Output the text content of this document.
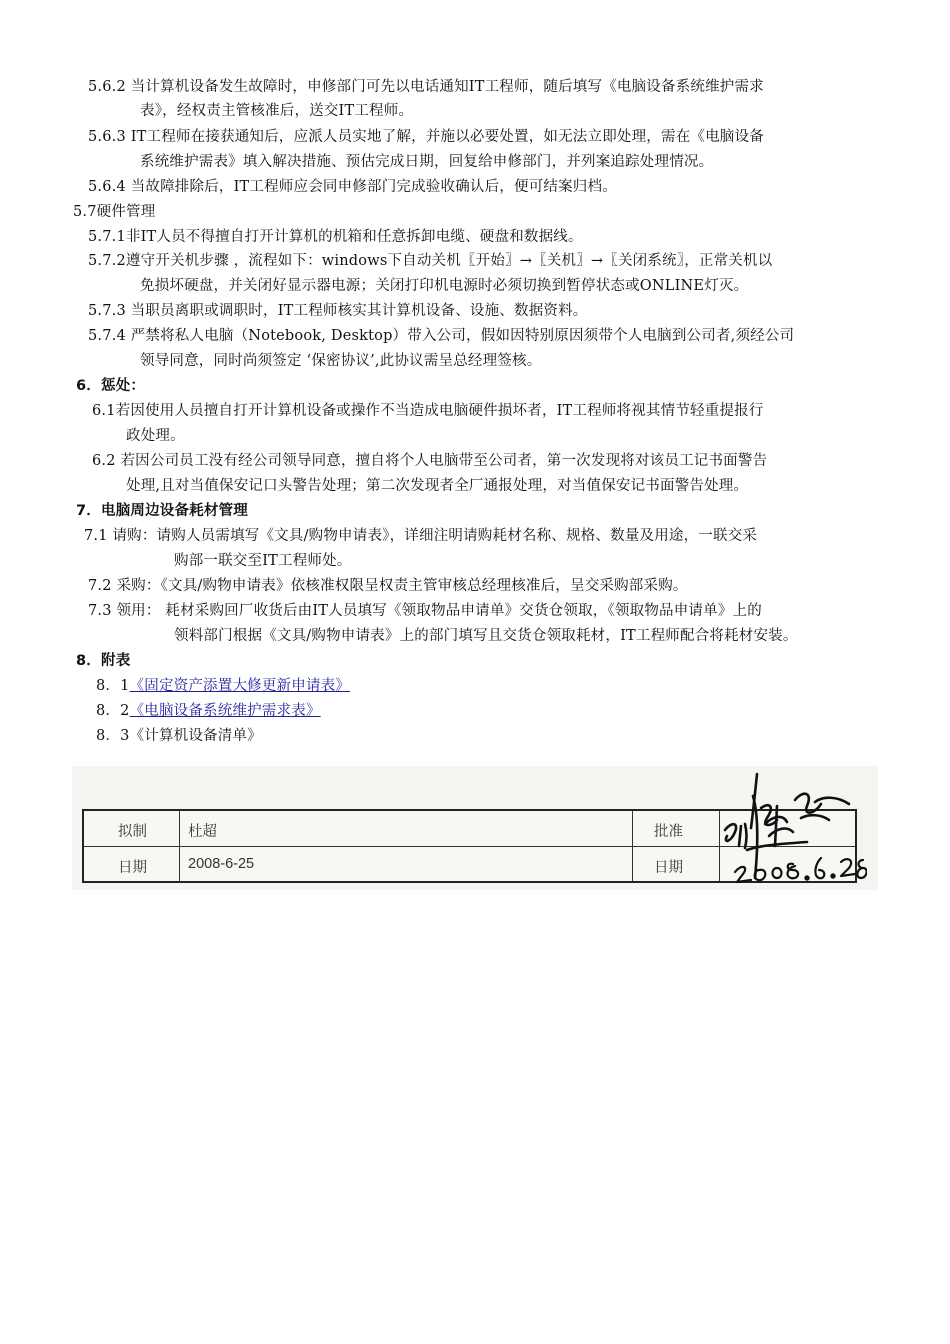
5.6.2 当计算机设备发生故障时，申修部门可先以电话通知IT工程师，随后填写《电脑设备系统维护需求
表》，经权责主管核准后，送交IT工程师。
5.6.3 IT工程师在接获通知后，应派人员实地了解，并施以必要处置，如无法立即处理，需在《电脑设备
系统维护需表》填入解决措施、预估完成日期，回复给申修部门，并列案追踪处理情况。
5.6.4 当故障排除后，IT工程师应会同申修部门完成验收确认后，便可结案归档。
5.7硬件管理
5.7.1非IT人员不得擅自打开计算机的机箱和任意拆卸电缆、硬盘和数据线。
5.7.2遵守开关机步骤 ，流程如下：windows下自动关机〖开始〗→〖关机〗→〖关闭系统〗，正常关机以
免损坏硬盘，并关闭好显示器电源；关闭打印机电源时必须切换到暂停状态或ONLINE灯灭。
5.7.3 当职员离职或调职时，IT工程师核实其计算机设备、设施、数据资料。
5.7.4 严禁将私人电脑（Notebook, Desktop）带入公司，假如因特别原因须带个人电脑到公司者,须经公司
领导同意，同时尚须签定 ‘保密协议’,此协议需呈总经理签核。
6．惩处：
6.1若因使用人员擅自打开计算机设备或操作不当造成电脑硬件损坏者，IT工程师将视其情节轻重提报行
政处理。
6.2 若因公司员工没有经公司领导同意，擅自将个人电脑带至公司者，第一次发现将对该员工记书面警告
处理,且对当值保安记口头警告处理；第二次发现者全厂通报处理，对当值保安记书面警告处理。
7．电脑周边设备耗材管理
7.1 请购：请购人员需填写《文具/购物申请表》，详细注明请购耗材名称、规格、数量及用途，一联交采
购部一联交至IT工程师处。
7.2 采购：《文具/购物申请表》依核准权限呈权责主管审核总经理核准后，呈交采购部采购。
7.3 领用： 耗材采购回厂收货后由IT人员填写《领取物品申请单》交货仓领取，《领取物品申请单》上的
领料部门根据《文具/购物申请表》上的部门填写且交货仓领取耗材，IT工程师配合将耗材安装。
8．附表
8．1《固定资产添置大修更新申请表》
8．2《电脑设备系统维护需求表》
8．3《计算机设备清单》
拟制	杜超	批准
日期	2008-6-25	日期
